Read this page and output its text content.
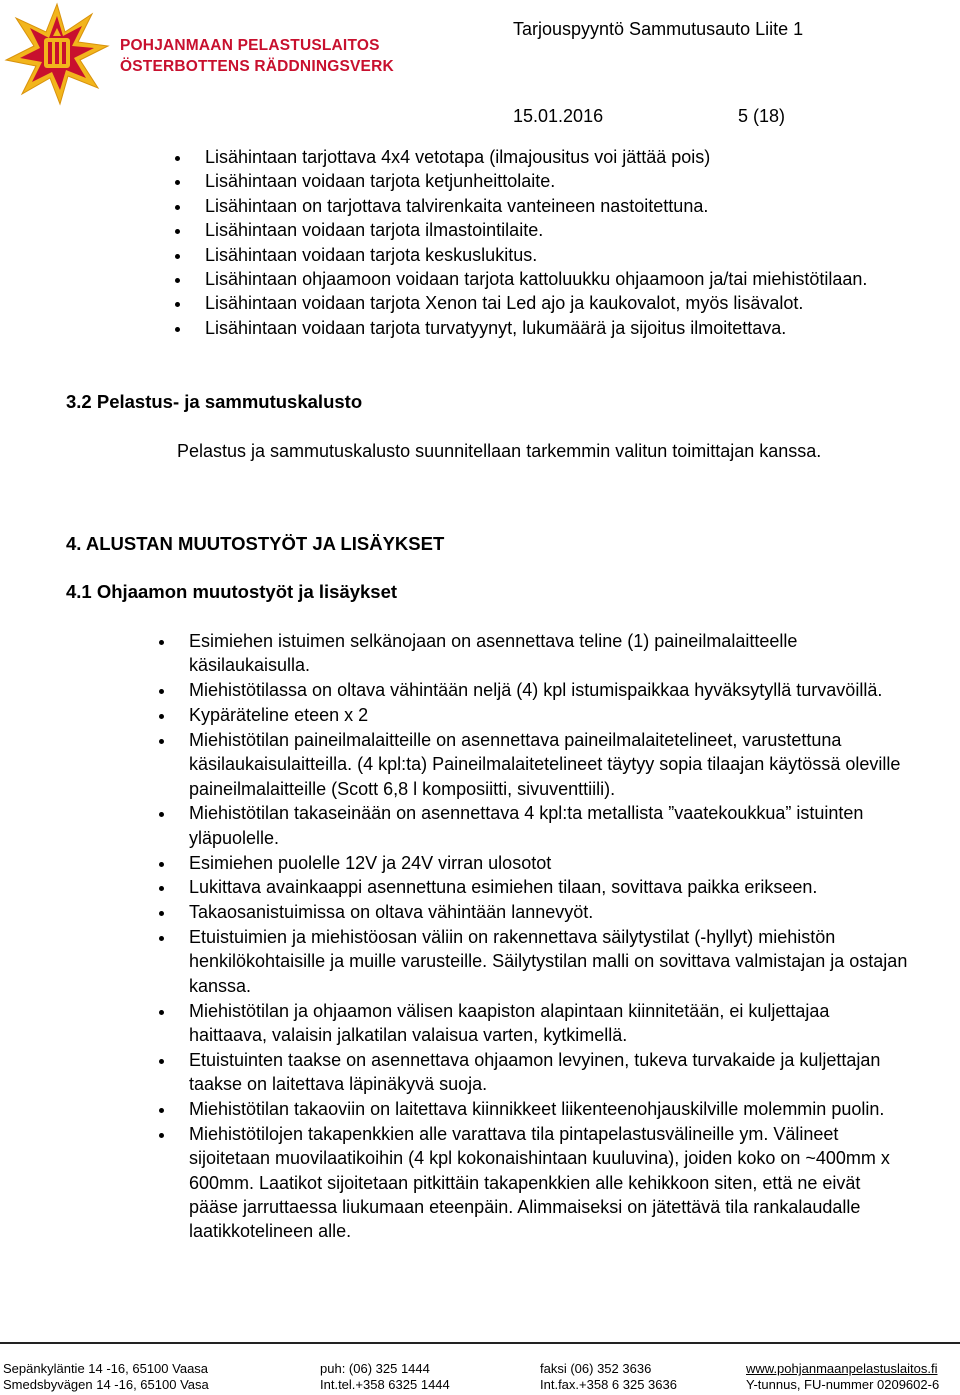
POHJANMAAN PELASTUSLAITOS
ÖSTERBOTTENS RÄDDNINGSVERK
Tarjouspyyntö Sammutusauto Liite 1
15.01.2016	5 (18)
Lisähintaan tarjottava 4x4 vetotapa (ilmajousitus voi jättää pois)
Lisähintaan voidaan tarjota ketjunheittolaite.
Lisähintaan on tarjottava talvirenkaita vanteineen nastoitettuna.
Lisähintaan voidaan tarjota ilmastointilaite.
Lisähintaan voidaan tarjota keskuslukitus.
Lisähintaan ohjaamoon voidaan tarjota kattoluukku ohjaamoon ja/tai miehistötilaan.
Lisähintaan voidaan tarjota Xenon tai Led ajo ja kaukovalot, myös lisävalot.
Lisähintaan voidaan tarjota turvatyynyt, lukumäärä ja sijoitus ilmoitettava.
3.2 Pelastus- ja sammutuskalusto
Pelastus ja sammutuskalusto suunnitellaan tarkemmin valitun toimittajan kanssa.
4. ALUSTAN MUUTOSTYÖT JA LISÄYKSET
4.1 Ohjaamon muutostyöt ja lisäykset
Esimiehen istuimen selkänojaan on asennettava teline (1) paineilmalaitteelle käsilaukaisulla.
Miehistötilassa on oltava vähintään neljä (4) kpl istumispaikkaa hyväksytyllä turvavöillä.
Kypäräteline eteen x 2
Miehistötilan paineilmalaitteille on asennettava paineilmalaitetelineet, varustettuna käsilaukaisulaitteilla. (4 kpl:ta) Paineilmalaitetelineet täytyy sopia tilaajan käytössä oleville paineilmalaitteille (Scott 6,8 l komposiitti, sivuventtiili).
Miehistötilan takaseinään on asennettava 4 kpl:ta metallista ”vaatekoukkua” istuinten yläpuolelle.
Esimiehen puolelle 12V ja 24V virran ulosotot
Lukittava avainkaappi asennettuna esimiehen tilaan, sovittava paikka erikseen.
Takaosanistuimissa on oltava vähintään lannevyöt.
Etuistuimien ja miehistöosan väliin on rakennettava säilytystilat (-hyllyt) miehistön henkilökohtaisille ja muille varusteille. Säilytystilan malli on sovittava valmistajan ja ostajan kanssa.
Miehistötilan ja ohjaamon välisen kaapiston alapintaan kiinnitetään, ei kuljettajaa haittaava, valaisin jalkatilan valaisua varten, kytkimellä.
Etuistuinten taakse on asennettava ohjaamon levyinen, tukeva turvakaide ja kuljettajan taakse on laitettava läpinäkyvä suoja.
Miehistötilan takaoviin on laitettava kiinnikkeet liikenteenohjauskilville molemmin puolin.
Miehistötilojen takapenkkien alle varattava tila pintapelastusvälineille ym. Välineet sijoitetaan muovilaatikoihin (4 kpl kokonaishintaan kuuluvina), joiden koko on ~400mm x 600mm. Laatikot sijoitetaan pitkittäin takapenkkien alle kehikkoon siten, että ne eivät pääse jarruttaessa liukumaan eteenpäin. Alimmaiseksi on jätettävä tila rankalaudalle laatikkotelineen alle.
Sepänkyläntie 14 -16, 65100 Vaasa
Smedsbyvägen 14 -16, 65100 Vasa
puh: (06) 325 1444
Int.tel.+358 6325 1444
faksi (06) 352 3636
Int.fax.+358 6 325 3636
www.pohjanmaanpelastuslaitos.fi
Y-tunnus, FU-nummer 0209602-6
